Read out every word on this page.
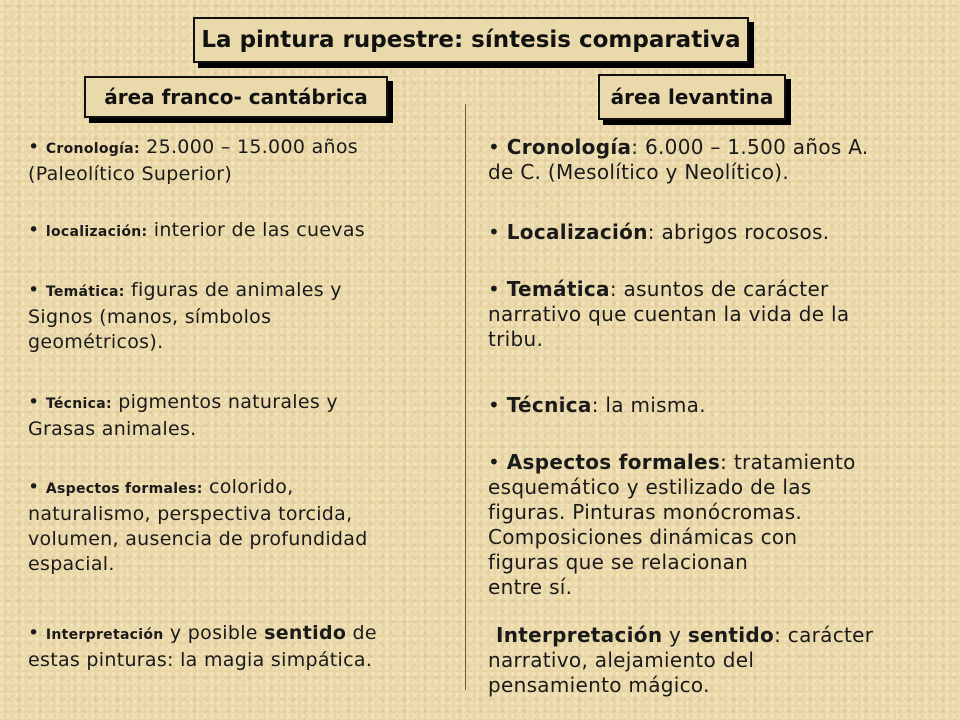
La pintura rupestre: síntesis comparativa
área franco- cantábrica	área levantina

• Cronología: 25.000 – 15.000 años
(Paleolítico Superior)

• localización: interior de las cuevas

• Temática: figuras de animales y
Signos (manos, símbolos
geométricos).

• Técnica: pigmentos naturales y
Grasas animales.

• Aspectos formales: colorido,
naturalismo, perspectiva torcida,
volumen, ausencia de profundidad
espacial.

• Interpretación y posible sentido de
estas pinturas: la magia simpática.

• Cronología: 6.000 – 1.500 años A.
de C. (Mesolítico y Neolítico).

• Localización: abrigos rocosos.

• Temática: asuntos de carácter
narrativo que cuentan la vida de la
tribu.

• Técnica: la misma.

• Aspectos formales: tratamiento
esquemático y estilizado de las
figuras. Pinturas monócromas.
Composiciones dinámicas con
figuras que se relacionan
entre sí.

Interpretación y sentido: carácter
narrativo, alejamiento del
pensamiento mágico.
